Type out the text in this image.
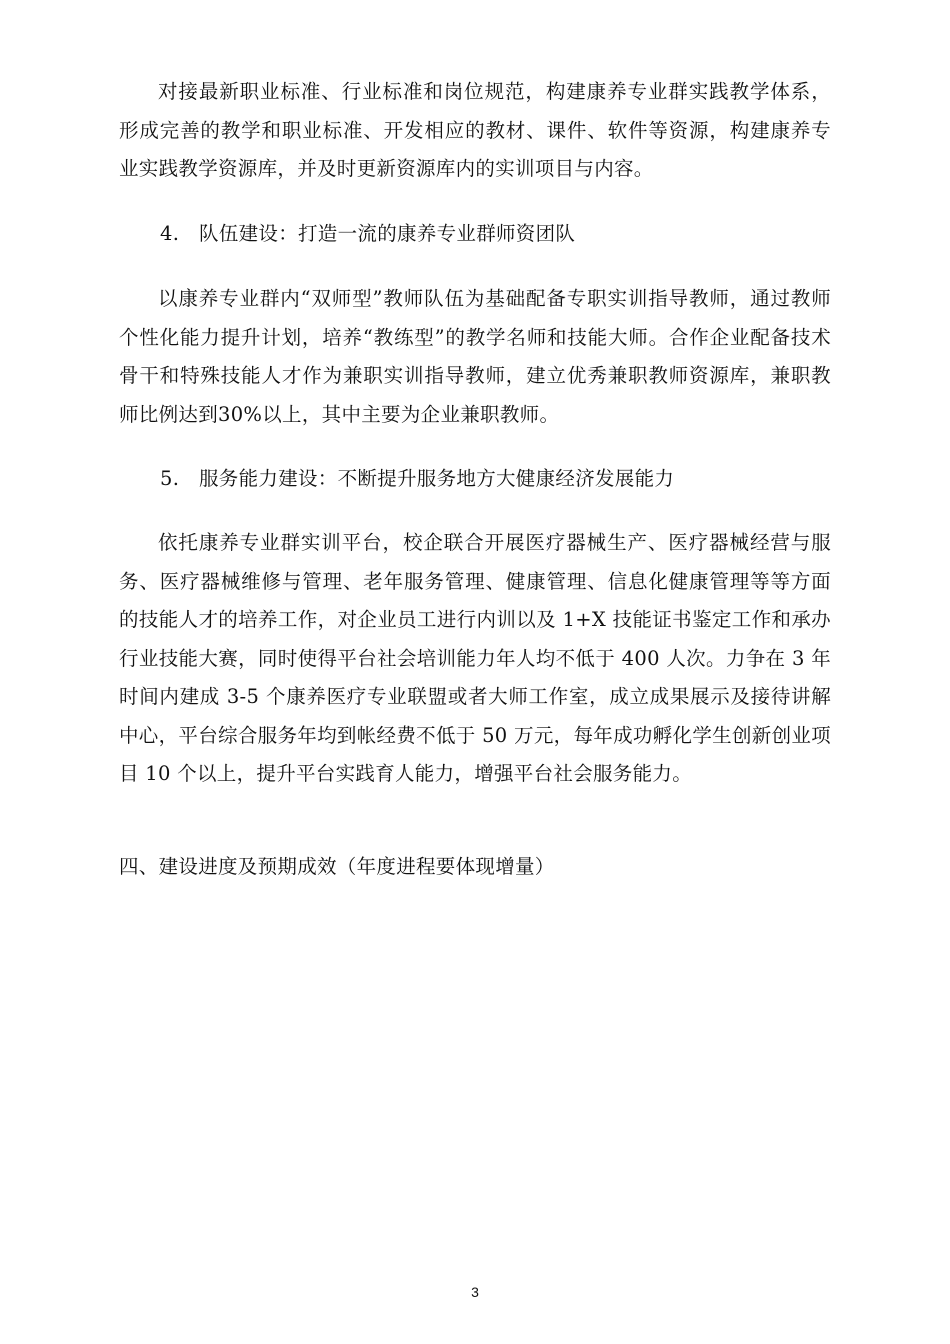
对接最新职业标准、行业标准和岗位规范，构建康养专业群实践教学体系，形成完善的教学和职业标准、开发相应的教材、课件、软件等资源，构建康养专业实践教学资源库，并及时更新资源库内的实训项目与内容。

4. 队伍建设：打造一流的康养专业群师资团队

以康养专业群内“双师型”教师队伍为基础配备专职实训指导教师，通过教师个性化能力提升计划，培养“教练型”的教学名师和技能大师。合作企业配备技术骨干和特殊技能人才作为兼职实训指导教师，建立优秀兼职教师资源库，兼职教师比例达到30%以上，其中主要为企业兼职教师。

5. 服务能力建设：不断提升服务地方大健康经济发展能力

依托康养专业群实训平台，校企联合开展医疗器械生产、医疗器械经营与服务、医疗器械维修与管理、老年服务管理、健康管理、信息化健康管理等等方面的技能人才的培养工作，对企业员工进行内训以及 1+X 技能证书鉴定工作和承办行业技能大赛，同时使得平台社会培训能力年人均不低于 400 人次。力争在 3 年时间内建成 3-5 个康养医疗专业联盟或者大师工作室，成立成果展示及接待讲解中心，平台综合服务年均到帐经费不低于 50 万元，每年成功孵化学生创新创业项目 10 个以上，提升平台实践育人能力，增强平台社会服务能力。

四、建设进度及预期成效（年度进程要体现增量）

3
